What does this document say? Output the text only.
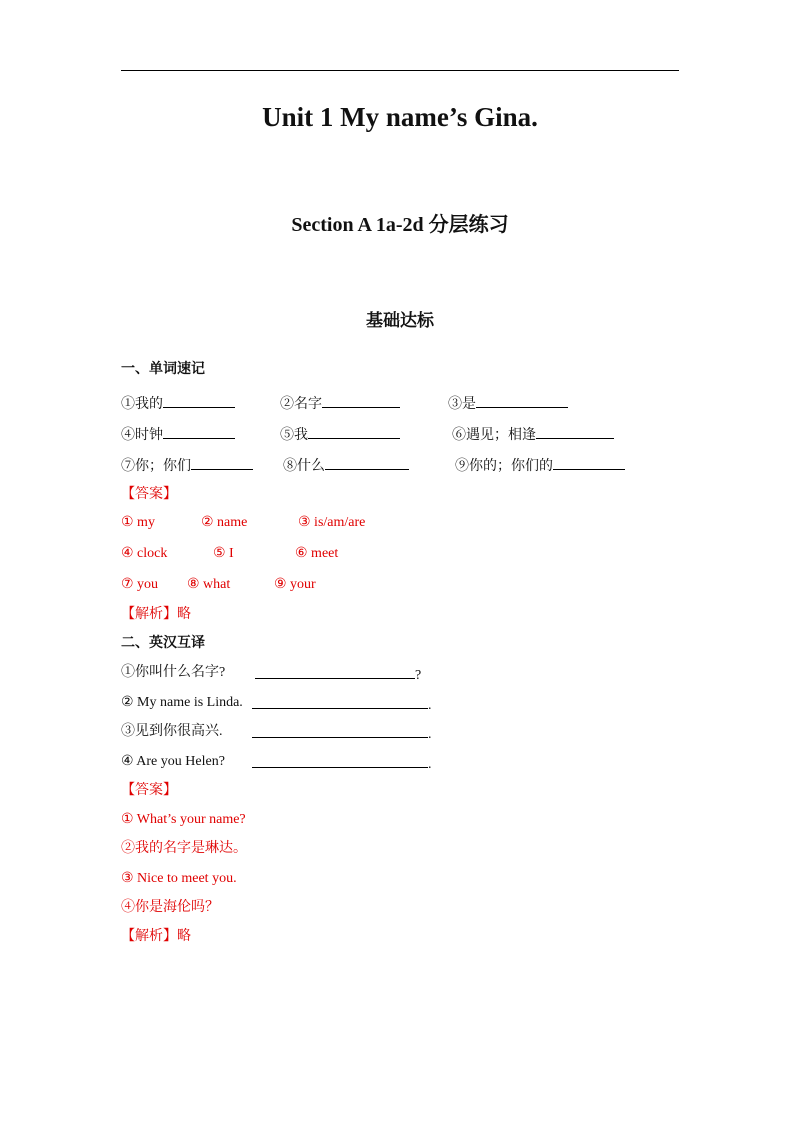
Unit 1 My name’s Gina.
Section A 1a-2d 分层练习
基础达标
一、单词速记
①我的	②名字	③是
④时钟	⑤我	⑥遇见；相逢
⑦你；你们	⑧什么	⑨你的；你们的
【答案】
① my	② name	③ is/am/are
④ clock	⑤ I	⑥ meet
⑦ you ⑧ what	⑨ your
【解析】略
二、英汉互译
①你叫什么名字?	?
② My name is Linda.	.
③见到你很高兴.	.
④ Are you Helen?	.
【答案】
① What’s your name?
②我的名字是琳达。
③ Nice to meet you.
④你是海伦吗？
【解析】略
